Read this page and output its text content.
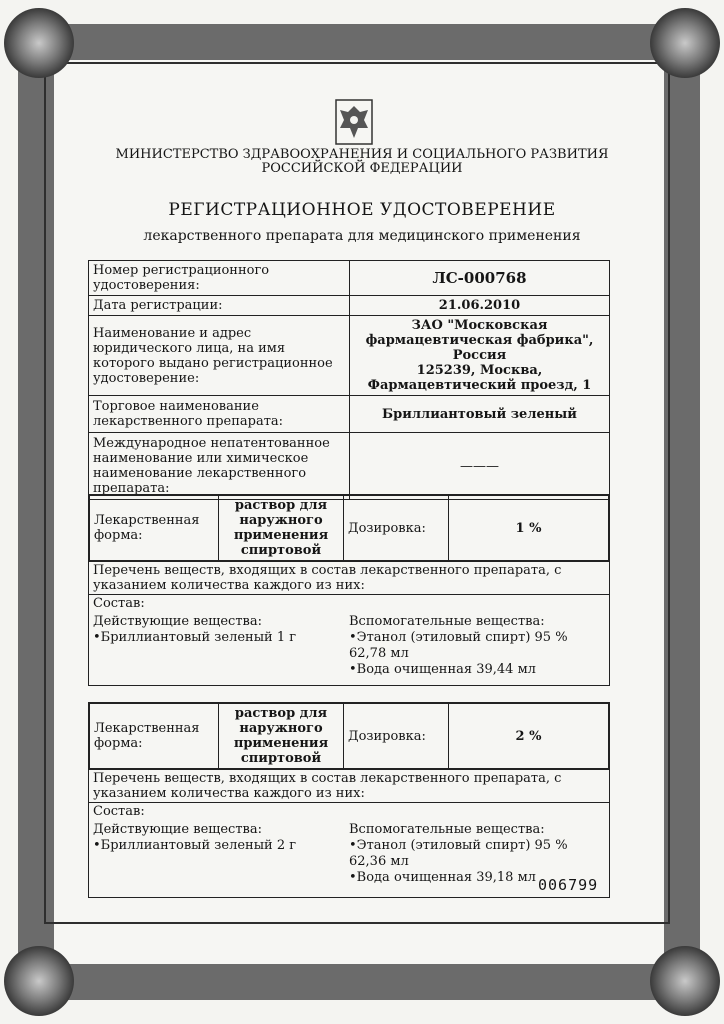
МИНИСТЕРСТВО ЗДРАВООХРАНЕНИЯ И СОЦИАЛЬНОГО РАЗВИТИЯ
РОССИЙСКОЙ ФЕДЕРАЦИИ
РЕГИСТРАЦИОННОЕ УДОСТОВЕРЕНИЕ
лекарственного препарата для медицинского применения
Номер регистрационного удостоверения:	ЛС-000768
Дата регистрации:	21.06.2010
Наименование и адрес юридического лица, на имя которого выдано регистрационное удостоверение:	ЗАО "Московская фармацевтическая фабрика", Россия
125239, Москва, Фармацевтический проезд, 1

Торговое наименование лекарственного препарата:	Бриллиантовый зеленый
Международное непатентованное наименование или химическое наименование лекарственного препарата:	———
Лекарственная форма:	раствор для наружного применения спиртовой	Дозировка:	1 %
Перечень веществ, входящих в состав лекарственного препарата, с указанием количества каждого из них:
Состав:
Действующие вещества:
• Бриллиантовый зеленый 1 г
Вспомогательные вещества:
• Этанол (этиловый спирт) 95 % 62,78 мл
• Вода очищенная 39,44 мл
Лекарственная форма:	раствор для наружного применения спиртовой	Дозировка:	2 %
Перечень веществ, входящих в состав лекарственного препарата, с указанием количества каждого из них:
Состав:
Действующие вещества:
• Бриллиантовый зеленый 2 г
Вспомогательные вещества:
• Этанол (этиловый спирт) 95 % 62,36 мл
• Вода очищенная 39,18 мл 006799
